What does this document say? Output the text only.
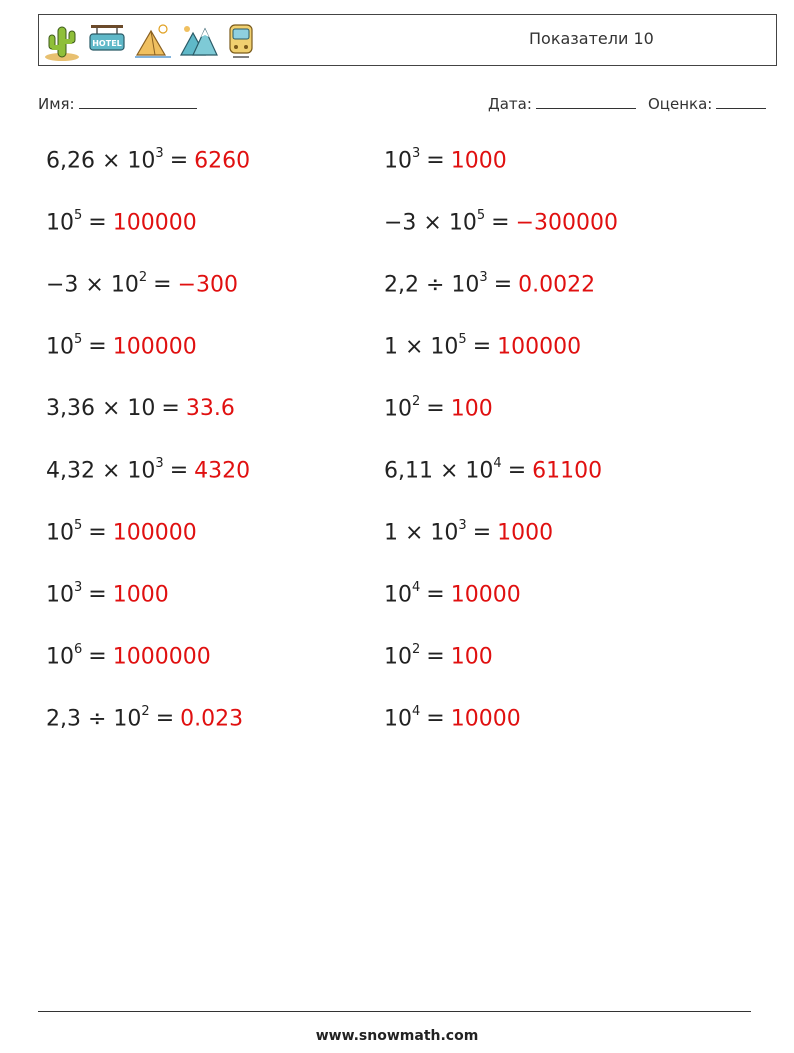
HOTEL	Показатели 10
Имя:	Дата:	Оценка:
$6,26 \times 10^3 = 6260$	$10^3 = 1000$
$10^5 = 100000$	$-3 \times 10^5 = -300000$
$-3 \times 10^2 = -300$	$2,2 \div 10^3 = 0.0022$
$10^5 = 100000$	$1 \times 10^5 = 100000$
3,36 × 10 = 33.6	$10^2 = 100$
$4,32 \times 10^3 = 4320$	$6,11 \times 10^4 = 61100$
$10^5 = 100000$	$1 \times 10^3 = 1000$
$10^3 = 1000$	$10^4 = 10000$
$10^6 = 1000000$	$10^2 = 100$
$2,3 \div 10^2 = 0.023$	$10^4 = 10000$
www.snowmath.com
